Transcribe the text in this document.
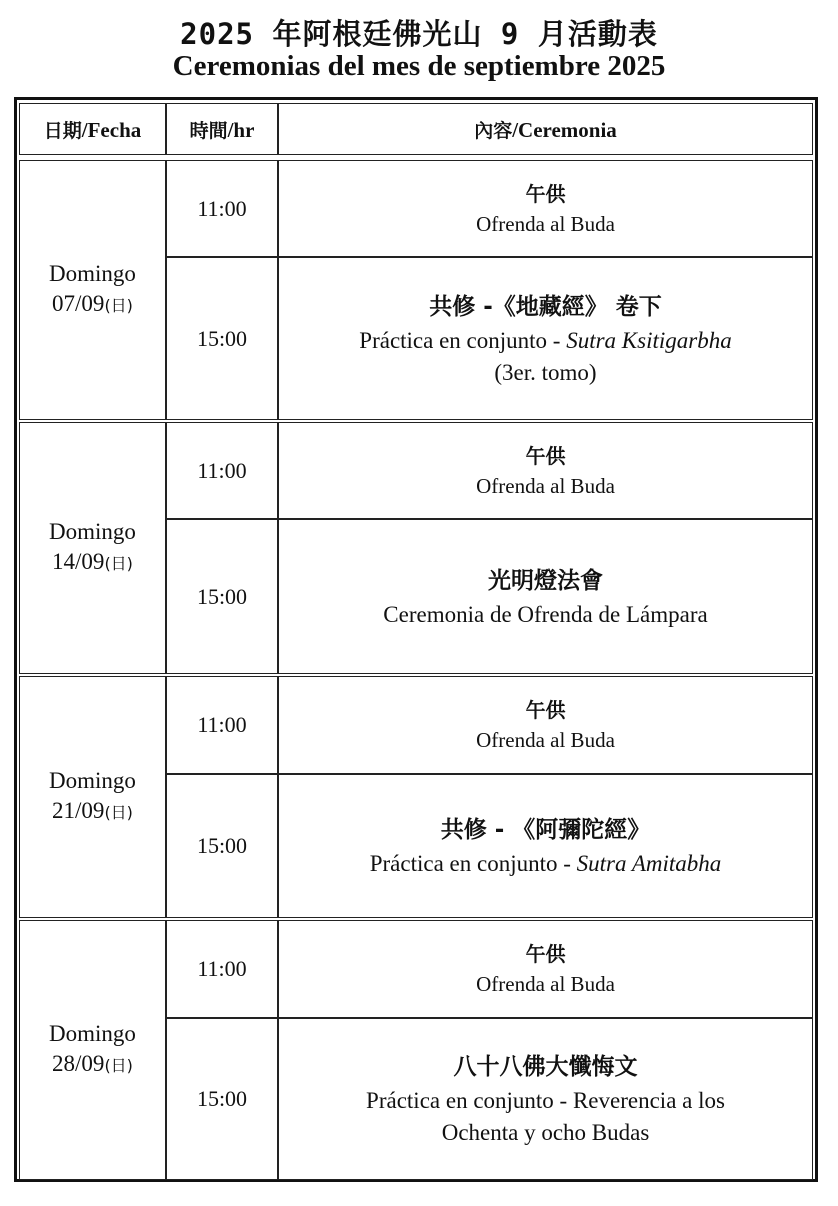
2025 年阿根廷佛光山 9 月活動表
Ceremonias del mes de septiembre 2025
日期/Fecha	時間/hr	內容/Ceremonia
Domingo
07/09(日)
11:00
午供
Ofrenda al Buda
15:00
共修 -《地藏經》 卷下
Práctica en conjunto - Sutra Ksitigarbha
(3er. tomo)
Domingo
14/09(日)
11:00
午供
Ofrenda al Buda
15:00
光明燈法會
Ceremonia de Ofrenda de Lámpara
Domingo
21/09(日)
11:00
午供
Ofrenda al Buda
15:00
共修 - 《阿彌陀經》
Práctica en conjunto - Sutra Amitabha
Domingo
28/09(日)
11:00
午供
Ofrenda al Buda
15:00
八十八佛大懺悔文
Práctica en conjunto - Reverencia a los
Ochenta y ocho Budas
